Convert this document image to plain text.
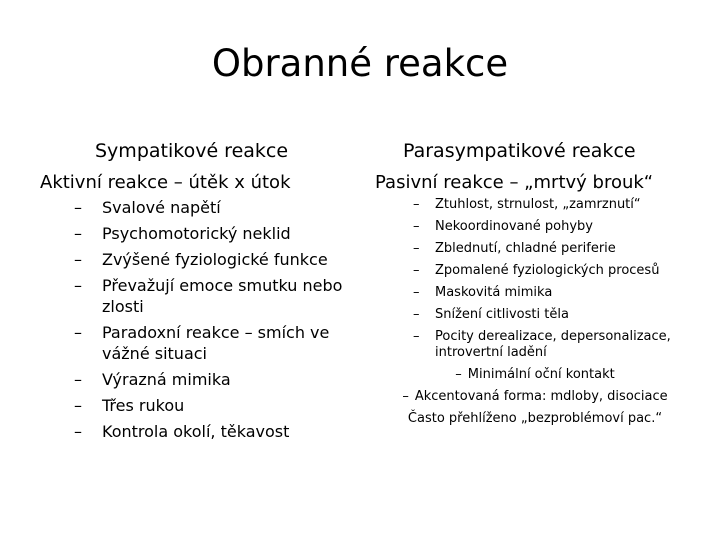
Obranné reakce
Sympatikové reakce
Aktivní reakce – útěk x útok
– Svalové napětí
– Psychomotorický neklid
– Zvýšené fyziologické funkce
– Převažují emoce smutku nebo zlosti
– Paradoxní reakce – smích ve vážné situaci
– Výrazná mimika
– Třes rukou
– Kontrola okolí, těkavost
Parasympatikové reakce
Pasivní reakce – „mrtvý brouk“
– Ztuhlost, strnulost, „zamrznutí“
– Nekoordinované pohyby
– Zblednutí, chladné periferie
– Zpomalené fyziologických procesů
– Maskovitá mimika
– Snížení citlivosti těla
– Pocity derealizace, depersonalizace, introvertní ladění
– Minimální oční kontakt
– Akcentovaná forma: mdloby, disociace
Často přehlíženo „bezproblémoví pac.“
